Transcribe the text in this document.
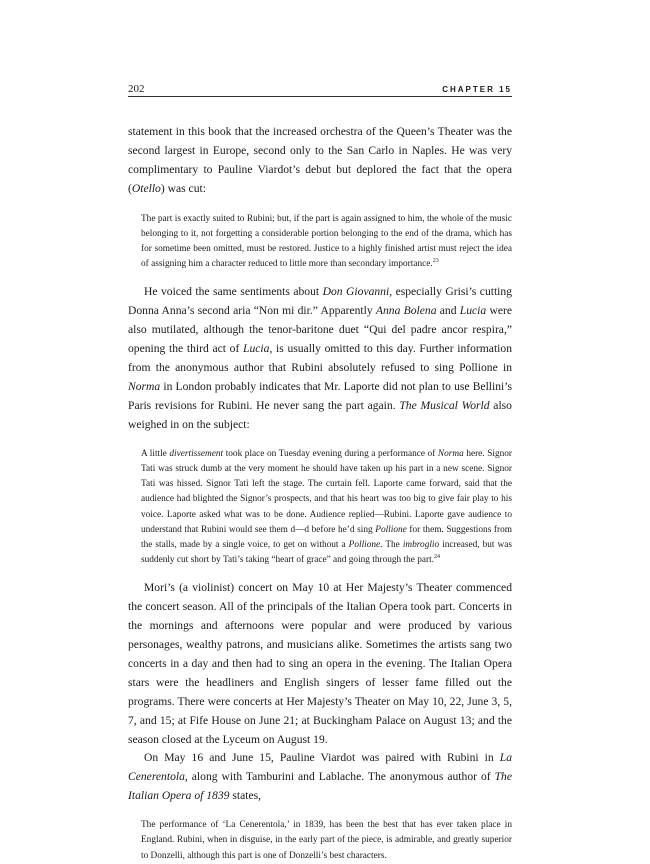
202	CHAPTER 15

statement in this book that the increased orchestra of the Queen’s Theater was the second largest in Europe, second only to the San Carlo in Naples. He was very complimentary to Pauline Viardot’s debut but deplored the fact that the opera (Otello) was cut:

The part is exactly suited to Rubini; but, if the part is again assigned to him, the whole of the music belonging to it, not forgetting a considerable portion belonging to the end of the drama, which has for sometime been omitted, must be restored. Justice to a highly finished artist must reject the idea of assigning him a character reduced to little more than secondary importance.$^{23}$

He voiced the same sentiments about Don Giovanni, especially Grisi’s cutting Donna Anna’s second aria “Non mi dir.” Apparently Anna Bolena and Lucia were also mutilated, although the tenor-baritone duet “Qui del padre ancor respira,” opening the third act of Lucia, is usually omitted to this day. Further information from the anonymous author that Rubini absolutely refused to sing Pollione in Norma in London probably indicates that Mr. Laporte did not plan to use Bellini’s Paris revisions for Rubini. He never sang the part again. The Musical World also weighed in on the subject:

A little divertissement took place on Tuesday evening during a performance of Norma here. Signor Tati was struck dumb at the very moment he should have taken up his part in a new scene. Signor Tati was hissed. Signor Tati left the stage. The curtain fell. Laporte came forward, said that the audience had blighted the Signor’s prospects, and that his heart was too big to give fair play to his voice. Laporte asked what was to be done. Audience replied—Rubini. Laporte gave audience to understand that Rubini would see them d—d before he’d sing Pollione for them. Suggestions from the stalls, made by a single voice, to get on without a Pollione. The imbroglio increased, but was suddenly cut short by Tati’s taking “heart of grace” and going through the part.$^{24}$

Mori’s (a violinist) concert on May 10 at Her Majesty’s Theater commenced the concert season. All of the principals of the Italian Opera took part. Concerts in the mornings and afternoons were popular and were produced by various personages, wealthy patrons, and musicians alike. Sometimes the artists sang two concerts in a day and then had to sing an opera in the evening. The Italian Opera stars were the headliners and English singers of lesser fame filled out the programs. There were concerts at Her Majesty’s Theater on May 10, 22, June 3, 5, 7, and 15; at Fife House on June 21; at Buckingham Palace on August 13; and the season closed at the Lyceum on August 19.

On May 16 and June 15, Pauline Viardot was paired with Rubini in La Cenerentola, along with Tamburini and Lablache. The anonymous author of The Italian Opera of 1839 states,

The performance of ‘La Cenerentola,’ in 1839, has been the best that has ever taken place in England. Rubini, when in disguise, in the early part of the piece, is admirable, and greatly superior to Donzelli, although this part is one of Donzelli’s best characters.
